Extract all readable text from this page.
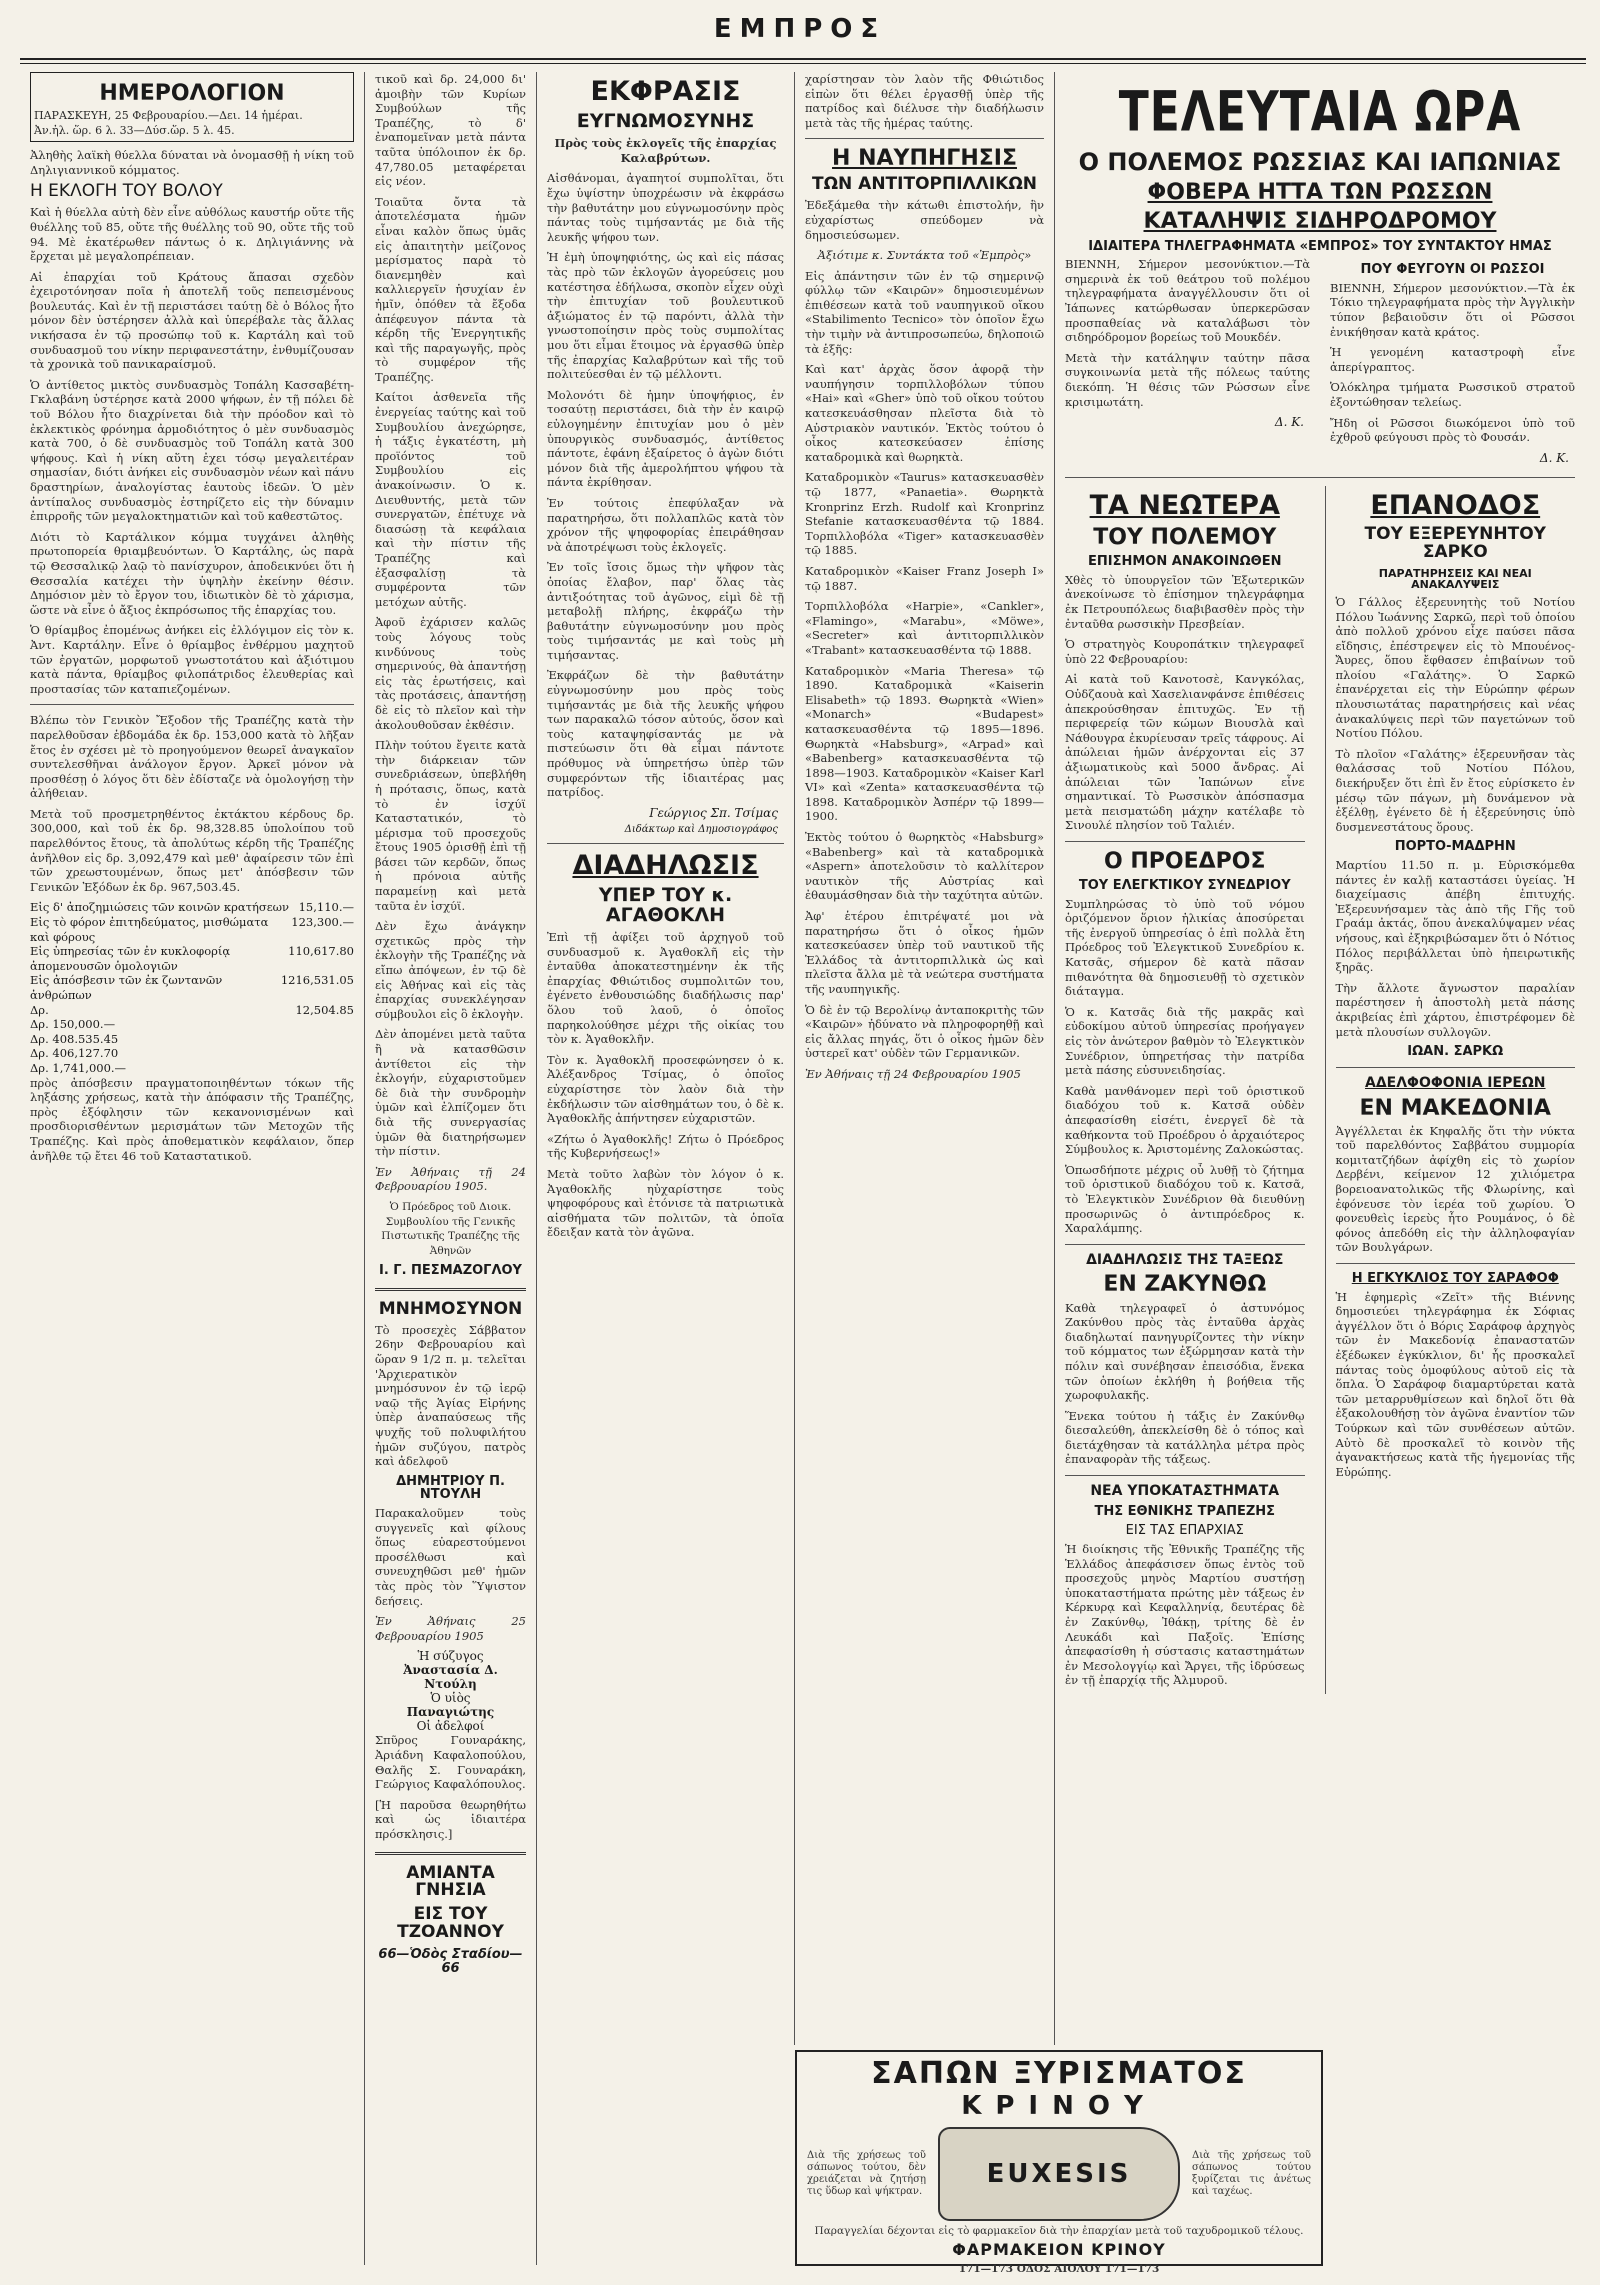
ΕΜΠΡΟΣ
ΗΜΕΡΟΛΟΓΙΟΝ
ΠΑΡΑΣΚΕΥΗ, 25 Φεβρουαρίου.—Δει. 14 ἡμέραι.
Ἀν.ἡλ. ὥρ. 6 λ. 33—Δύσ.ὥρ. 5 λ. 45.

Ἀληθὴς λαϊκὴ θύελλα δύναται νὰ ὀνομασθῇ ἡ νίκη τοῦ Δηλιγιαννικοῦ κόμματος.

Η ΕΚΛΟΓΗ ΤΟΥ ΒΟΛΟΥ

Καὶ ἡ θύελλα αὐτὴ δὲν εἶνε αὐθόλως καυστήρ οὔτε τῆς θυέλλης τοῦ 85, οὔτε τῆς θυέλλης τοῦ 90, οὔτε τῆς τοῦ 94. Μὲ ἑκατέρωθεν πάντως ὁ κ. Δηλιγιάννης νὰ ἔρχεται μὲ μεγαλοπρέπειαν.

Αἱ ἐπαρχίαι τοῦ Κράτους ἅπασαι σχεδὸν ἐχειροτόνησαν ποῖα ἡ ἀποτελῆ τοῦς πεπεισμένους βουλευτάς. Καὶ ἐν τῇ περιστάσει ταύτῃ δὲ ὁ Βόλος ἦτο μόνον δὲν ὑστέρησεν ἀλλὰ καὶ ὑπερέβαλε τὰς ἄλλας νικήσασα ἐν τῷ προσώπῳ τοῦ κ. Καρτάλη καὶ τοῦ συνδυασμοῦ του νίκην περιφανεστάτην, ἐνθυμίζουσαν τὰ χρονικὰ τοῦ πανικαραίσμοῦ.

Ὁ ἀντίθετος μικτὸς συνδυασμὸς Τοπάλη Κασσαβέτη-Γκλαβάνη ὑστέρησε κατὰ 2000 ψήφων, ἐν τῇ πόλει δὲ τοῦ Βόλου ἦτο διαχρίνεται διὰ τὴν πρόοδον καὶ τὸ ἐκλεκτικὸς φρόνημα ἀρμοδιότητος ὁ μὲν συνδυασμὸς κατὰ 700, ὁ δὲ συνδυασμὸς τοῦ Τοπάλη κατὰ 300 ψήφους. Καὶ ἡ νίκη αὕτη ἐχει τόσῳ μεγαλειτέραν σημασίαν, διότι ἀνήκει εἰς συνδυασμὸν νέων καὶ πάνυ δραστηρίων, ἀναλογίστας ἑαυτοὺς ἰδεῶν. Ὁ μὲν ἀντίπαλος συνδυασμὸς ἐστηρίζετο εἰς τὴν δύναμιν ἐπιρροῆς τῶν μεγαλοκτηματιῶν καὶ τοῦ καθεστῶτος.

Διότι τὸ Καρτάλικον κόμμα τυγχάνει ἀληθὴς πρωτοπορεία θριαμβευόντων. Ὁ Καρτάλης, ὡς παρὰ τῷ Θεσσαλικῷ λαῷ τὸ πανίσχυρον, ἀποδεικνύει ὅτι ἡ Θεσσαλία κατέχει τὴν ὑψηλὴν ἐκείνην θέσιν. Δημόσιον μὲν τὸ ἔργον του, ἰδιωτικὸν δὲ τὸ χάρισμα, ὥστε νὰ εἶνε ὁ ἄξιος ἐκπρόσωπος τῆς ἐπαρχίας του.

Ὁ θρίαμβος ἐπομένως ἀνήκει εἰς ἐλλόγιμον εἰς τὸν κ. Ἀντ. Καρτάλην. Εἶνε ὁ θρίαμβος ἐνθέρμου μαχητοῦ τῶν ἐργατῶν, μορφωτοῦ γνωστοτάτου καὶ ἀξιότιμου κατὰ πάντα, θρίαμβος φιλοπάτριδος ἐλευθερίας καὶ προστασίας τῶν καταπιεζομένων.

Βλέπω τὸν Γενικὸν Ἔξοδον τῆς Τραπέζης κατὰ τὴν παρελθοῦσαν ἑβδομάδα ἐκ δρ. 153,000 κατὰ τὸ λῆξαν ἔτος ἐν σχέσει μὲ τὸ προηγούμενον θεωρεῖ ἀναγκαῖον συντελεσθῆναι ἀνάλογον ἔργον. Ἀρκεῖ μόνον νὰ προσθέσῃ ὁ λόγος ὅτι δὲν ἐδίσταζε νὰ ὁμολογήσῃ τὴν ἀλήθειαν.

Μετὰ τοῦ προσμετρηθέντος ἐκτάκτου κέρδους δρ. 300,000, καὶ τοῦ ἐκ δρ. 98,328.85 ὑπολοίπου τοῦ παρελθόντος ἔτους, τὰ ἀπολύτως κέρδη τῆς Τραπέζης ἀνῆλθον εἰς δρ. 3,092,479 καὶ μεθ' ἀφαίρεσιν τῶν ἐπὶ τῶν χρεωστουμένων, ὅπως μετ' ἀπόσβεσιν τῶν Γενικῶν Ἐξόδων ἐκ δρ. 967,503.45.

Εἰς δ' ἀποζημιώσεις τῶν κοινῶν κρατήσεων 15,110.—
Εἰς τὸ φόρον ἐπιτηδεύματος, μισθώματα καὶ φόρους
123,300.—
Εἰς ὑπηρεσίας τῶν ἐν κυκλοφορίᾳ ἀπομενουσῶν ὁμολογιῶν
110,617.80
Εἰς ἀπόσβεσιν τῶν ἐκ ζωντανῶν ἀνθρώπων
1216,531.05
Δρ.	12,504.85
Δρ. 150,000.—
Δρ. 408.535.45
Δρ. 406,127.70
Δρ. 1,741,000.—

πρὸς ἀπόσβεσιν πραγματοποιηθέντων τόκων τῆς ληξάσης χρήσεως, κατὰ τὴν ἀπόφασιν τῆς Τραπέζης, πρὸς ἐξόφλησιν τῶν κεκανονισμένων καὶ προσδιορισθέντων μερισμάτων τῶν Μετοχῶν τῆς Τραπέζης. Καὶ πρὸς ἀποθεματικὸν κεφάλαιον, ὅπερ ἀνῆλθε τῷ ἔτει 46 τοῦ Καταστατικοῦ.

τικοῦ καὶ δρ. 24,000 δι' ἀμοιβὴν τῶν Κυρίων Συμβούλων τῆς Τραπέζης, τὸ δ' ἐναπομεῖναν μετὰ πάντα ταῦτα ὑπόλοιπον ἐκ δρ. 47,780.05 μεταφέρεται εἰς νέον.

Τοιαῦτα ὄντα τὰ ἀποτελέσματα ἡμῶν εἶναι καλὸν ὅπως ὑμᾶς εἰς ἀπαιτητὴν μείζονος μερίσματος παρὰ τὸ διανεμηθὲν καὶ καλλιεργεῖν ἡσυχίαν ἐν ἡμῖν, ὁπόθεν τὰ ἔξοδα ἀπέφευγον πάντα τὰ κέρδη τῆς Ἐνεργητικῆς καὶ τῆς παραγωγῆς, πρὸς τὸ συμφέρον τῆς Τραπέζης.

Καίτοι ἀσθενεῖα τῆς ἐνεργείας ταύτης καὶ τοῦ Συμβουλίου ἀνεχώρησε, ἡ τάξις ἐγκατέστη, μὴ προϊόντος τοῦ Συμβουλίου εἰς ἀνακοίνωσιν. Ὁ κ. Διευθυντής, μετὰ τῶν συνεργατῶν, ἐπέτυχε νὰ διασώσῃ τὰ κεφάλαια καὶ τὴν πίστιν τῆς Τραπέζης καὶ ἐξασφαλίσῃ τὰ συμφέροντα τῶν μετόχων αὐτῆς.

Ἀφοῦ ἐχάρισεν καλῶς τοὺς λόγους τοὺς κινδύνους τοὺς σημερινούς, θὰ ἀπαντήσῃ εἰς τὰς ἐρωτήσεις, καὶ τὰς προτάσεις, ἀπαντήσῃ δὲ εἰς τὸ πλεῖον καὶ τὴν ἀκολουθοῦσαν ἐκθέσιν.

Πλὴν τούτου ἔγειτε κατὰ τὴν διάρκειαν τῶν συνεδριάσεων, ὑπεβλήθη ἡ πρότασις, ὅπως, κατὰ τὸ ἐν ἰσχύϊ Καταστατικόν, τὸ μέρισμα τοῦ προσεχοῦς ἔτους 1905 ὁρισθῇ ἐπὶ τῇ βάσει τῶν κερδῶν, ὅπως ἡ πρόνοια αὐτῆς παραμείνῃ καὶ μετὰ ταῦτα ἐν ἰσχύϊ.

Δὲν ἔχω ἀνάγκην σχετικῶς πρὸς τὴν ἐκλογὴν τῆς Τραπέζης νὰ εἴπω ἀπόψεων, ἐν τῷ δὲ εἰς Ἀθήνας καὶ εἰς τὰς ἐπαρχίας συνεκλέγησαν σύμβουλοι εἰς ὃ ἐκλογὴν.

Δὲν ἀπομένει μετὰ ταῦτα ἢ νὰ κατασθῶσιν ἀντίθετοι εἰς τὴν ἐκλογήν, εὐχαριστοῦμεν δὲ διὰ τὴν συνδρομὴν ὑμῶν καὶ ἐλπίζομεν ὅτι διὰ τῆς συνεργασίας ὑμῶν θὰ διατηρήσωμεν τὴν πίστιν.

Ἐν Ἀθήναις τῇ 24 Φεβρουαρίου 1905.

Ὁ Πρόεδρος τοῦ Διοικ. Συμβουλίου τῆς Γενικῆς Πιστωτικῆς Τραπέζης τῆς Ἀθηνῶν

Ι. Γ. ΠΕΣΜΑΖΟΓΛΟΥ
ΜΝΗΜΟΣΥΝΟΝ

Τὸ προσεχὲς Σάββατον 26ην Φεβρουαρίου καὶ ὥραν 9 1/2 π. μ. τελεῖται 'Ἀρχιερατικὸν μνημόσυνον ἐν τῷ ἱερῷ ναῷ τῆς Ἁγίας Εἰρήνης ὑπὲρ ἀναπαύσεως τῆς ψυχῆς τοῦ πολυφιλήτου ἡμῶν συζύγου, πατρὸς καὶ ἀδελφοῦ

ΔΗΜΗΤΡΙΟΥ Π. ΝΤΟΥΛΗ

Παρακαλοῦμεν τοὺς συγγενεῖς καὶ φίλους ὅπως εὐαρεστούμενοι προσέλθωσι καὶ συνευχηθῶσι μεθ' ἡμῶν τὰς πρὸς τὸν Ὕψιστον δεήσεις.

Ἐν Ἀθήναις 25 Φεβρουαρίου 1905

Ἡ σύζυγος
Ἀναστασία Δ. Ντούλη
Ὁ υἱὸς
Παναγιώτης
Οἱ ἀδελφοί

Σπῦρος Γουναράκης, Ἀριάδνη Καφαλοπούλου, Θαλῆς Σ. Γουναράκη, Γεώργιος Καφαλόπουλος.

[Ἡ παροῦσα θεωρηθήτω καὶ ὡς ἰδιαιτέρα πρόσκλησις.]

ΑΜΙΑΝΤΑ ΓΝΗΣΙΑ
ΕΙΣ ΤΟΥ ΤΖΟΑΝΝΟΥ
66—Ὁδὸς Σταδίου—66
ΕΚΦΡΑΣΙΣ
ΕΥΓΝΩΜΟΣΥΝΗΣ

Πρὸς τοὺς ἐκλογεῖς τῆς ἐπαρχίας Καλαβρύτων.

Αἰσθάνομαι, ἀγαπητοί συμπολῖται, ὅτι ἔχω ὑψίστην ὑποχρέωσιν νὰ ἐκφράσω τὴν βαθυτάτην μου εὐγνωμοσύνην πρὸς πάντας τοὺς τιμήσαντάς με διὰ τῆς λευκῆς ψήφου των.

Ἡ ἐμὴ ὑποψηφιότης, ὡς καὶ εἰς πάσας τὰς πρὸ τῶν ἐκλογῶν ἀγορεύσεις μου κατέστησα ἐδήλωσα, σκοπὸν εἶχεν οὐχὶ τὴν ἐπιτυχίαν τοῦ βουλευτικοῦ ἀξιώματος ἐν τῷ παρόντι, ἀλλὰ τὴν γνωστοποίησιν πρὸς τοὺς συμπολίτας μου ὅτι εἶμαι ἕτοιμος νὰ ἐργασθῶ ὑπὲρ τῆς ἐπαρχίας Καλαβρύτων καὶ τῆς τοῦ πολιτεύεσθαι ἐν τῷ μέλλοντι.

Μολονότι δὲ ἡμην ὑποψήφιος, ἐν τοσαύτῃ περιστάσει, διὰ τὴν ἐν καιρῷ εὐλογημένην ἐπιτυχίαν μου ὁ μὲν ὑπουργικὸς συνδυασμός, ἀντίθετος πάντοτε, ἐφάνη ἐξαίρετος ὁ ἀγὼν διότι μόνον διὰ τῆς ἀμερολήπτου ψήφου τὰ πάντα ἐκρίθησαν.

Ἐν τούτοις ἐπεφύλαξαν νὰ παρατηρήσω, ὅτι πολλαπλῶς κατὰ τὸν χρόνον τῆς ψηφοφορίας ἐπειράθησαν νὰ ἀποτρέψωσι τοὺς ἐκλογεῖς.

Ἐν τοῖς ἴσοις ὅμως τὴν ψῆφον τὰς ὁποίας ἔλαβον, παρ' ὅλας τὰς ἀντιξοότητας τοῦ ἀγῶνος, εἰμὶ δὲ τῇ μεταβολῇ πλήρης, ἐκφράζω τὴν βαθυτάτην εὐγνωμοσύνην μου πρὸς τοὺς τιμήσαντάς με καὶ τοὺς μὴ τιμήσαντας.

Ἐκφράζων δὲ τὴν βαθυτάτην εὐγνωμοσύνην μου πρὸς τοὺς τιμήσαντάς με διὰ τῆς λευκῆς ψήφου των παρακαλῶ τόσον αὐτούς, ὅσον καὶ τοὺς καταψηφίσαντάς με νὰ πιστεύωσιν ὅτι θὰ εἶμαι πάντοτε πρόθυμος νὰ ὑπηρετήσω ὑπὲρ τῶν συμφερόντων τῆς ἰδιαιτέρας μας πατρίδος.

Γεώργιος Σπ. Τσίμας
Διδάκτωρ καὶ Δημοσιογράφος
ΔΙΑΔΗΛΩΣΙΣ
ΥΠΕΡ ΤΟΥ κ. ΑΓΑΘΟΚΛΗ

Ἐπὶ τῇ ἀφίξει τοῦ ἀρχηγοῦ τοῦ συνδυασμοῦ κ. Ἀγαθοκλῆ εἰς τὴν ἐνταῦθα ἀποκατεστημένην ἐκ τῆς ἐπαρχίας Φθιώτιδος συμπολιτῶν του, ἐγένετο ἐνθουσιώδης διαδήλωσις παρ' ὅλου τοῦ λαοῦ, ὁ ὁποῖος παρηκολούθησε μέχρι τῆς οἰκίας του τὸν κ. Ἀγαθοκλῆν.

Τὸν κ. Ἀγαθοκλῆ προσεφώνησεν ὁ κ. Ἀλέξανδρος Τσίμας, ὁ ὁποῖος εὐχαρίστησε τὸν λαὸν διὰ τὴν ἐκδήλωσιν τῶν αἰσθημάτων του, ὁ δὲ κ. Ἀγαθοκλῆς ἀπήντησεν εὐχαριστῶν.

«Ζήτω ὁ Ἀγαθοκλῆς! Ζήτω ὁ Πρόεδρος τῆς Κυβερνήσεως!»

Μετὰ τοῦτο λαβὼν τὸν λόγον ὁ κ. Ἀγαθοκλῆς ηὐχαρίστησε τοὺς ψηφοφόρους καὶ ἐτόνισε τὰ πατριωτικὰ αἰσθήματα τῶν πολιτῶν, τὰ ὁποῖα ἔδειξαν κατὰ τὸν ἀγῶνα.

χαρίστησαν τὸν λαὸν τῆς Φθιώτιδος εἰπὼν ὅτι θέλει ἐργασθῇ ὑπὲρ τῆς πατρίδος καὶ διέλυσε τὴν διαδήλωσιν μετὰ τὰς τῆς ἡμέρας ταύτης.

Η ΝΑΥΠΗΓΗΣΙΣ
ΤΩΝ ΑΝΤΙΤΟΡΠΙΛΛΙΚΩΝ

Ἐδεξάμεθα τὴν κάτωθι ἐπιστολήν, ἣν εὐχαρίστως σπεύδομεν νὰ δημοσιεύσωμεν.

Ἀξιότιμε κ. Συντάκτα τοῦ «Ἐμπρὸς»

Εἰς ἀπάντησιν τῶν ἐν τῷ σημερινῷ φύλλῳ τῶν «Καιρῶν» δημοσιευμένων ἐπιθέσεων κατὰ τοῦ ναυπηγικοῦ οἴκου «Stabilimento Tecnico» τὸν ὁποῖον ἔχω τὴν τιμὴν νὰ ἀντιπροσωπεύω, δηλοποιῶ τὰ ἑξῆς:

Καὶ κατ' ἀρχὰς ὅσον ἀφορᾷ τὴν ναυπήγησιν τορπιλλοβόλων τύπου «Hai» καὶ «Gher» ὑπὸ τοῦ οἴκου τούτου κατεσκευάσθησαν πλεῖστα διὰ τὸ Αὐστριακὸν ναυτικόν. Ἐκτὸς τούτου ὁ οἶκος κατεσκεύασεν ἐπίσης καταδρομικὰ καὶ θωρηκτὰ.

Καταδρομικὸν «Taurus» κατασκευασθὲν τῷ 1877, «Panaetia». Θωρηκτὰ Kronprinz Erzh. Rudolf καὶ Kronprinz Stefanie κατασκευασθέντα τῷ 1884. Τορπιλλοβόλα «Tiger» κατασκευασθὲν τῷ 1885.

Καταδρομικὸν «Kaiser Franz Joseph I» τῷ 1887.

Τορπιλλοβόλα «Harpie», «Cankler», «Flamingo», «Marabu», «Möwe», «Secreter» καὶ ἀντιτορπιλλικὸν «Trabant» κατασκευασθέντα τῷ 1888.

Καταδρομικὸν «Maria Theresa» τῷ 1890. Καταδρομικὰ «Kaiserin Elisabeth» τῷ 1893. Θωρηκτὰ «Wien» «Monarch» «Budapest» κατασκευασθέντα τῷ 1895—1896. Θωρηκτὰ «Habsburg», «Arpad» καὶ «Babenberg» κατασκευασθέντα τῷ 1898—1903. Καταδρομικὸν «Kaiser Karl VI» καὶ «Zenta» κατασκευασθέντα τῷ 1898. Καταδρομικὸν Ἀσπέρν τῷ 1899—1900.

Ἐκτὸς τούτου ὁ θωρηκτὸς «Habsburg» «Babenberg» καὶ τὰ καταδρομικὰ «Aspern» ἀποτελοῦσιν τὸ καλλίτερον ναυτικὸν τῆς Αὐστρίας καὶ ἐθαυμάσθησαν διὰ τὴν ταχύτητα αὐτῶν.

Ἀφ' ἑτέρου ἐπιτρέψατέ μοι νὰ παρατηρήσω ὅτι ὁ οἶκος ἡμῶν κατεσκεύασεν ὑπὲρ τοῦ ναυτικοῦ τῆς Ἑλλάδος τὰ ἀντιτορπιλλικὰ ὡς καὶ πλεῖστα ἄλλα μὲ τὰ νεώτερα συστήματα τῆς ναυπηγικῆς.

Ὁ δὲ ἐν τῷ Βερολίνῳ ἀνταποκριτὴς τῶν «Καιρῶν» ἠδύνατο νὰ πληροφορηθῇ καὶ εἰς ἄλλας πηγάς, ὅτι ὁ οἶκος ἡμῶν δὲν ὑστερεῖ κατ' οὐδὲν τῶν Γερμανικῶν.

Ἐν Ἀθήναις τῇ 24 Φεβρουαρίου 1905

ΣΑΠΩΝ ΞΥΡΙΣΜΑΤΟΣ
ΚΡΙΝΟΥ
Διὰ τῆς χρήσεως τοῦ σάπωνος τούτου, δὲν χρειάζεται νὰ ζητήσῃ τις ὕδωρ καὶ ψήκτραν.
EUXESIS
Διὰ τῆς χρήσεως τοῦ σάπωνος τούτου ξυρίζεται τις ἀνέτως καὶ ταχέως.
Παραγγελίαι δέχονται εἰς τὸ φαρμακεῖον διὰ τὴν ἐπαρχίαν μετὰ τοῦ ταχυδρομικοῦ τέλους.
ΦΑΡΜΑΚΕΙΟΝ ΚΡΙΝΟΥ
171—173 ΟΔΟΣ ΑΙΟΛΟΥ 171—173
ΤΕΛΕΥΤΑΙΑ ΩΡΑ
Ο ΠΟΛΕΜΟΣ ΡΩΣΣΙΑΣ ΚΑΙ ΙΑΠΩΝΙΑΣ
ΦΟΒΕΡΑ ΗΤΤΑ ΤΩΝ ΡΩΣΣΩΝ
ΚΑΤΑΛΗΨΙΣ ΣΙΔΗΡΟΔΡΟΜΟΥ
ΙΔΙΑΙΤΕΡΑ ΤΗΛΕΓΡΑΦΗΜΑΤΑ «ΕΜΠΡΟΣ» ΤΟΥ ΣΥΝΤΑΚΤΟΥ ΗΜΑΣ

ΒΙΕΝΝΗ, Σήμερον μεσονύκτιον.—Τὰ σημερινὰ ἐκ τοῦ θεάτρου τοῦ πολέμου τηλεγραφήματα ἀναγγέλλουσιν ὅτι οἱ Ἰάπωνες κατώρθωσαν ὑπερκερῶσαν προσπαθείας νὰ καταλάβωσι τὸν σιδηρόδρομον βορείως τοῦ Μουκδέν.

Μετὰ τὴν κατάληψιν ταύτην πᾶσα συγκοινωνία μετὰ τῆς πόλεως ταύτης διεκόπη. Ἡ θέσις τῶν Ρώσσων εἶνε κρισιμωτάτη.

Δ. Κ.
ΠΟΥ ΦΕΥΓΟΥΝ ΟΙ ΡΩΣΣΟΙ

ΒΙΕΝΝΗ, Σήμερον μεσονύκτιον.—Τὰ ἐκ Τόκιο τηλεγραφήματα πρὸς τὴν Ἀγγλικὴν τύπον βεβαιοῦσιν ὅτι οἱ Ρῶσσοι ἐνικήθησαν κατὰ κράτος.

Ἡ γενομένη καταστροφὴ εἶνε ἀπερίγραπτος.

Ὁλόκληρα τμήματα Ρωσσικοῦ στρατοῦ ἐξοντώθησαν τελείως.

Ἤδη οἱ Ρῶσσοι διωκόμενοι ὑπὸ τοῦ ἐχθροῦ φεύγουσι πρὸς τὸ Φουσάν.

Δ. Κ.
ΤΑ ΝΕΩΤΕΡΑ
ΤΟΥ ΠΟΛΕΜΟΥ
ΕΠΙΣΗΜΟΝ ΑΝΑΚΟΙΝΩΘΕΝ

Χθὲς τὸ ὑπουργεῖον τῶν Ἐξωτερικῶν ἀνεκοίνωσε τὸ ἐπίσημον τηλεγράφημα ἐκ Πετρουπόλεως διαβιβασθὲν πρὸς τὴν ἐνταῦθα ρωσσικὴν Πρεσβείαν.

Ὁ στρατηγὸς Κουροπάτκιν τηλεγραφεῖ ὑπὸ 22 Φεβρουαρίου:

Αἱ κατὰ τοῦ Κανοτοσὲ, Κανγκόλας, Οὐδζαουὰ καὶ Χασελιανφάνσε ἐπιθέσεις ἀπεκρούσθησαν ἐπιτυχῶς. Ἐν τῇ περιφερείᾳ τῶν κώμων Βιουσλὰ καὶ Νάθουγρα ἐκυρίευσαν τρεῖς τάφρους. Αἱ ἀπώλειαι ἡμῶν ἀνέρχονται εἰς 37 ἀξιωματικοὺς καὶ 5000 ἄνδρας. Αἱ ἀπώλειαι τῶν Ἰαπώνων εἶνε σημαντικαί. Τὸ Ρωσσικὸν ἀπόσπασμα μετὰ πεισματώδη μάχην κατέλαβε τὸ Σινουλέ πλησίον τοῦ Ταλιέν.

Ο ΠΡΟΕΔΡΟΣ
ΤΟΥ ΕΛΕΓΚΤΙΚΟΥ ΣΥΝΕΔΡΙΟΥ

Συμπληρώσας τὸ ὑπὸ τοῦ νόμου ὁριζόμενον ὅριον ἡλικίας ἀποσύρεται τῆς ἐνεργοῦ ὑπηρεσίας ὁ ἐπὶ πολλὰ ἔτη Πρόεδρος τοῦ Ἐλεγκτικοῦ Συνεδρίου κ. Κατσᾶς, σήμερον δὲ κατὰ πᾶσαν πιθανότητα θὰ δημοσιευθῇ τὸ σχετικὸν διάταγμα.

Ὁ κ. Κατσᾶς διὰ τῆς μακρᾶς καὶ εὐδοκίμου αὐτοῦ ὑπηρεσίας προήγαγεν εἰς τὸν ἀνώτερον βαθμὸν τὸ Ἐλεγκτικὸν Συνέδριον, ὑπηρετήσας τὴν πατρίδα μετὰ πάσης εὐσυνειδησίας.

Καθὰ μανθάνομεν περὶ τοῦ ὁριστικοῦ διαδόχου τοῦ κ. Κατσᾶ οὐδὲν ἀπεφασίσθη εἰσέτι, ἐνεργεῖ δὲ τὰ καθήκοντα τοῦ Προέδρου ὁ ἀρχαιότερος Σύμβουλος κ. Ἀριστομένης Ζαλοκώστας.

Ὁπωσδήποτε μέχρις οὗ λυθῇ τὸ ζήτημα τοῦ ὁριστικοῦ διαδόχου τοῦ κ. Κατσᾶ, τὸ Ἐλεγκτικὸν Συνέδριον θὰ διευθύνῃ προσωρινῶς ὁ ἀντιπρόεδρος κ. Χαραλάμπης.

ΔΙΑΔΗΛΩΣΙΣ ΤΗΣ ΤΑΞΕΩΣ
ΕΝ ΖΑΚΥΝΘΩ

Καθὰ τηλεγραφεῖ ὁ ἀστυνόμος Ζακύνθου πρὸς τὰς ἐνταῦθα ἀρχὰς διαδηλωταί πανηγυρίζοντες τὴν νίκην τοῦ κόμματος των ἐξώρμησαν κατὰ τὴν πόλιν καὶ συνέβησαν ἐπεισόδια, ἕνεκα τῶν ὁποίων ἐκλήθη ἡ βοήθεια τῆς χωροφυλακῆς.

Ἕνεκα τούτου ἡ τάξις ἐν Ζακύνθῳ διεσαλεύθη, ἀπεκλείσθη δὲ ὁ τόπος καὶ διετάχθησαν τὰ κατάλληλα μέτρα πρὸς ἐπαναφορὰν τῆς τάξεως.

ΝΕΑ ΥΠΟΚΑΤΑΣΤΗΜΑΤΑ
ΤΗΣ ΕΘΝΙΚΗΣ ΤΡΑΠΕΖΗΣ
ΕΙΣ ΤΑΣ ΕΠΑΡΧΙΑΣ

Ἡ διοίκησις τῆς Ἐθνικῆς Τραπέζης τῆς Ἑλλάδος ἀπεφάσισεν ὅπως ἐντὸς τοῦ προσεχοῦς μηνὸς Μαρτίου συστήσῃ ὑποκαταστήματα πρώτης μὲν τάξεως ἐν Κέρκυρᾳ καὶ Κεφαλληνίᾳ, δευτέρας δὲ ἐν Ζακύνθῳ, Ἰθάκῃ, τρίτης δὲ ἐν Λευκάδι καὶ Παξοῖς. Ἐπίσης ἀπεφασίσθη ἡ σύστασις καταστημάτων ἐν Μεσολογγίῳ καὶ Ἄργει, τῆς ἱδρύσεως ἐν τῇ ἐπαρχίᾳ τῆς Ἀλμυροῦ.

ΕΠΑΝΟΔΟΣ
ΤΟΥ ΕΞΕΡΕΥΝΗΤΟΥ ΣΑΡΚΟ
ΠΑΡΑΤΗΡΗΣΕΙΣ ΚΑΙ ΝΕΑΙ ΑΝΑΚΑΛΥΨΕΙΣ

Ὁ Γάλλος ἐξερευνητὴς τοῦ Νοτίου Πόλου Ἰωάννης Σαρκῶ, περὶ τοῦ ὁποίου ἀπὸ πολλοῦ χρόνου εἶχε παύσει πᾶσα εἴδησις, ἐπέστρεψεν εἰς τὸ Μπουένος-Ἄυρες, ὅπου ἔφθασεν ἐπιβαίνων τοῦ πλοίου «Γαλάτης». Ὁ Σαρκῶ ἐπανέρχεται εἰς τὴν Εὐρώπην φέρων πλουσιωτάτας παρατηρήσεις καὶ νέας ἀνακαλύψεις περὶ τῶν παγετώνων τοῦ Νοτίου Πόλου.

Τὸ πλοῖον «Γαλάτης» ἐξερευνῆσαν τὰς θαλάσσας τοῦ Νοτίου Πόλου, διεκήρυξεν ὅτι ἐπὶ ἔν ἔτος εὑρίσκετο ἐν μέσῳ τῶν πάγων, μὴ δυνάμενον νὰ ἐξέλθῃ, ἐγένετο δὲ ἡ ἐξερεύνησις ὑπὸ δυσμενεστάτους ὅρους.

ΠΟΡΤΟ-ΜΑΔΡΗΝ

Μαρτίου 11.50 π. μ. Εὑρισκόμεθα πάντες ἐν καλῇ καταστάσει ὑγείας. Ἡ διαχείμασις ἀπέβη ἐπιτυχής. Ἐξερευνήσαμεν τὰς ἀπὸ τῆς Γῆς τοῦ Γραάμ ἀκτάς, ὅπου ἀνεκαλύψαμεν νέας νήσους, καὶ ἐξηκριβώσαμεν ὅτι ὁ Νότιος Πόλος περιβάλλεται ὑπὸ ἠπειρωτικῆς ξηρᾶς.

Τὴν ἄλλοτε ἄγνωστον παραλίαν παρέστησεν ἡ ἀποστολὴ μετὰ πάσης ἀκριβείας ἐπὶ χάρτου, ἐπιστρέφομεν δὲ μετὰ πλουσίων συλλογῶν.

ΙΩΑΝ. ΣΑΡΚΩ
ΑΔΕΛΦΟΦΟΝΙΑ ΙΕΡΕΩΝ
ΕΝ ΜΑΚΕΔΟΝΙΑ

Ἀγγέλλεται ἐκ Κηφαλῆς ὅτι τὴν νύκτα τοῦ παρελθόντος Σαββάτου συμμορία κομιτατζήδων ἀφίχθη εἰς τὸ χωρίον Δερβένι, κείμενον 12 χιλιόμετρα βορειοανατολικῶς τῆς Φλωρίνης, καὶ ἐφόνευσε τὸν ἱερέα τοῦ χωρίου. Ὁ φονευθεὶς ἱερεὺς ἦτο Ρουμάνος, ὁ δὲ φόνος ἀπεδόθη εἰς τὴν ἀλληλοφαγίαν τῶν Βουλγάρων.

Η ΕΓΚΥΚΛΙΟΣ ΤΟΥ ΣΑΡΑΦΟΦ

Ἡ ἐφημερὶς «Ζεῖτ» τῆς Βιέννης δημοσιεύει τηλεγράφημα ἐκ Σόφιας ἀγγέλλον ὅτι ὁ Βόρις Σαράφοφ ἀρχηγὸς τῶν ἐν Μακεδονίᾳ ἐπαναστατῶν ἐξέδωκεν ἐγκύκλιον, δι' ἧς προσκαλεῖ πάντας τοὺς ὁμοφύλους αὐτοῦ εἰς τὰ ὅπλα. Ὁ Σαράφοφ διαμαρτύρεται κατὰ τῶν μεταρρυθμίσεων καὶ δηλοῖ ὅτι θὰ ἐξακολουθήσῃ τὸν ἀγῶνα ἐναντίον τῶν Τούρκων καὶ τῶν συνθέσεων αὐτῶν. Αὐτὸ δὲ προσκαλεῖ τὸ κοινὸν τῆς ἀγανακτήσεως κατὰ τῆς ἡγεμονίας τῆς Εὐρώπης.
